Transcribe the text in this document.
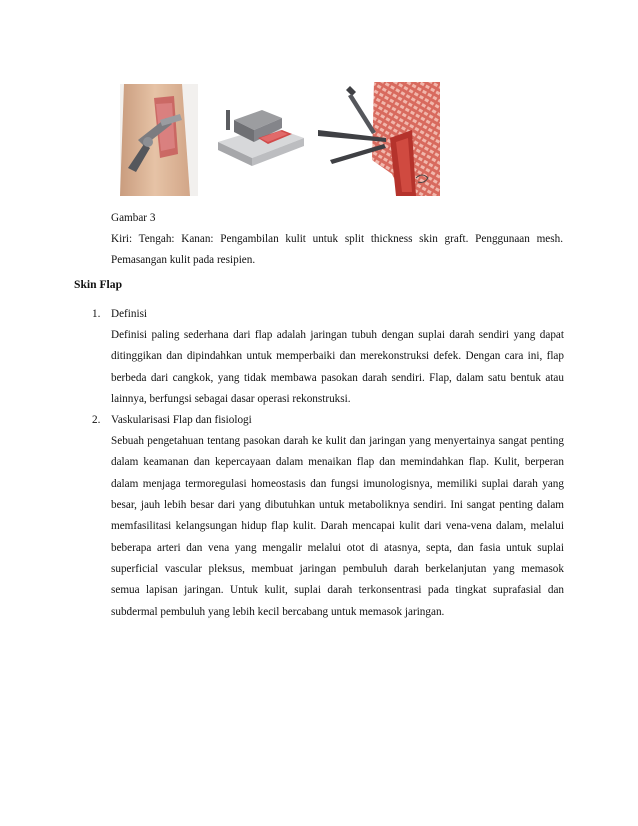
Gambar 3
Kiri: Tengah: Kanan: Pengambilan kulit untuk split thickness skin graft. Penggunaan mesh.
Pemasangan kulit pada resipien.
Skin Flap
1. Definisi
Definisi paling sederhana dari flap adalah jaringan tubuh dengan suplai darah sendiri yang dapat
ditinggikan dan dipindahkan untuk memperbaiki dan merekonstruksi defek. Dengan cara ini, flap
berbeda dari cangkok, yang tidak membawa pasokan darah sendiri. Flap, dalam satu bentuk atau
lainnya, berfungsi sebagai dasar operasi rekonstruksi.
2. Vaskularisasi Flap dan fisiologi
Sebuah pengetahuan tentang pasokan darah ke kulit dan jaringan yang menyertainya sangat penting
dalam keamanan dan kepercayaan dalam menaikan flap dan memindahkan flap. Kulit, berperan
dalam menjaga termoregulasi homeostasis dan fungsi imunologisnya, memiliki suplai darah yang
besar, jauh lebih besar dari yang dibutuhkan untuk metaboliknya sendiri. Ini sangat penting dalam
memfasilitasi kelangsungan hidup flap kulit. Darah mencapai kulit dari vena-vena dalam, melalui
beberapa arteri dan vena yang mengalir melalui otot di atasnya, septa, dan fasia untuk suplai
superficial vascular pleksus, membuat jaringan pembuluh darah berkelanjutan yang memasok
semua lapisan jaringan. Untuk kulit, suplai darah terkonsentrasi pada tingkat suprafasial dan
subdermal pembuluh yang lebih kecil bercabang untuk memasok jaringan.
